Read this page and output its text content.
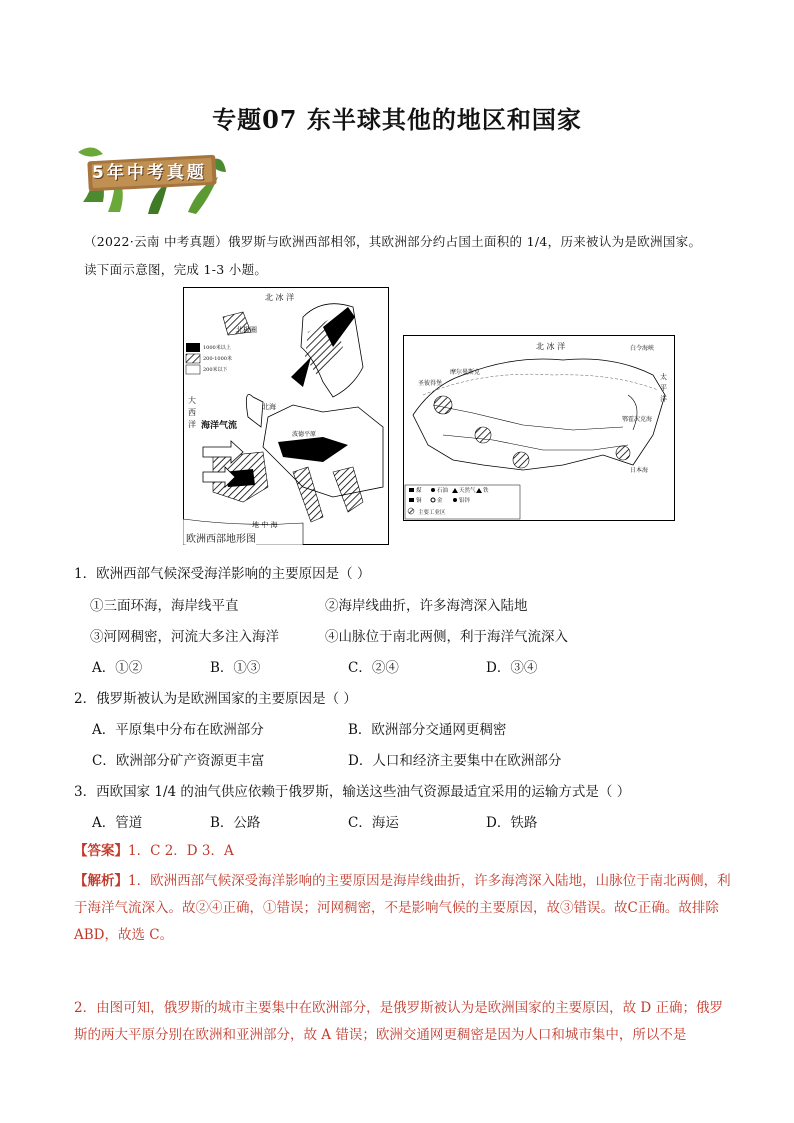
专题07 东半球其他的地区和国家
5年中考真题
（2022·云南 中考真题）俄罗斯与欧洲西部相邻，其欧洲部分约占国土面积的 1/4，历来被认为是欧洲国家。读下面示意图，完成 1-3 小题。
北 冰 洋
北极圈
1000米以上
200-1000米
200米以下
大
西
洋 海洋气流
北海
波德平原
地 中 海
欧洲西部地形图
北 冰 洋
摩尔曼斯克
圣彼得堡
白令海峡
太
平
洋
鄂霍次克海
日本海
煤	石油 天然气 铁
铜	金	铝锌
主要工业区
1．欧洲西部气候深受海洋影响的主要原因是（ ）
①三面环海，海岸线平直	②海岸线曲折，许多海湾深入陆地
③河网稠密，河流大多注入海洋	④山脉位于南北两侧，利于海洋气流深入
A．①②	B．①③	C．②④	D．③④
2．俄罗斯被认为是欧洲国家的主要原因是（ ）
A．平原集中分布在欧洲部分	B．欧洲部分交通网更稠密
C．欧洲部分矿产资源更丰富	D．人口和经济主要集中在欧洲部分
3．西欧国家 1/4 的油气供应依赖于俄罗斯，输送这些油气资源最适宜采用的运输方式是（ ）
A．管道	B．公路	C．海运	D．铁路
【答案】1．C 2．D 3．A
【解析】1．欧洲西部气候深受海洋影响的主要原因是海岸线曲折，许多海湾深入陆地，山脉位于南北两侧，利于海洋气流深入。故②④正确，①错误；河网稠密，不是影响气候的主要原因，故③错误。故C正确。故排除 ABD，故选 C。
2．由图可知，俄罗斯的城市主要集中在欧洲部分，是俄罗斯被认为是欧洲国家的主要原因，故 D 正确；俄罗斯的两大平原分别在欧洲和亚洲部分，故 A 错误；欧洲交通网更稠密是因为人口和城市集中，所以不是
